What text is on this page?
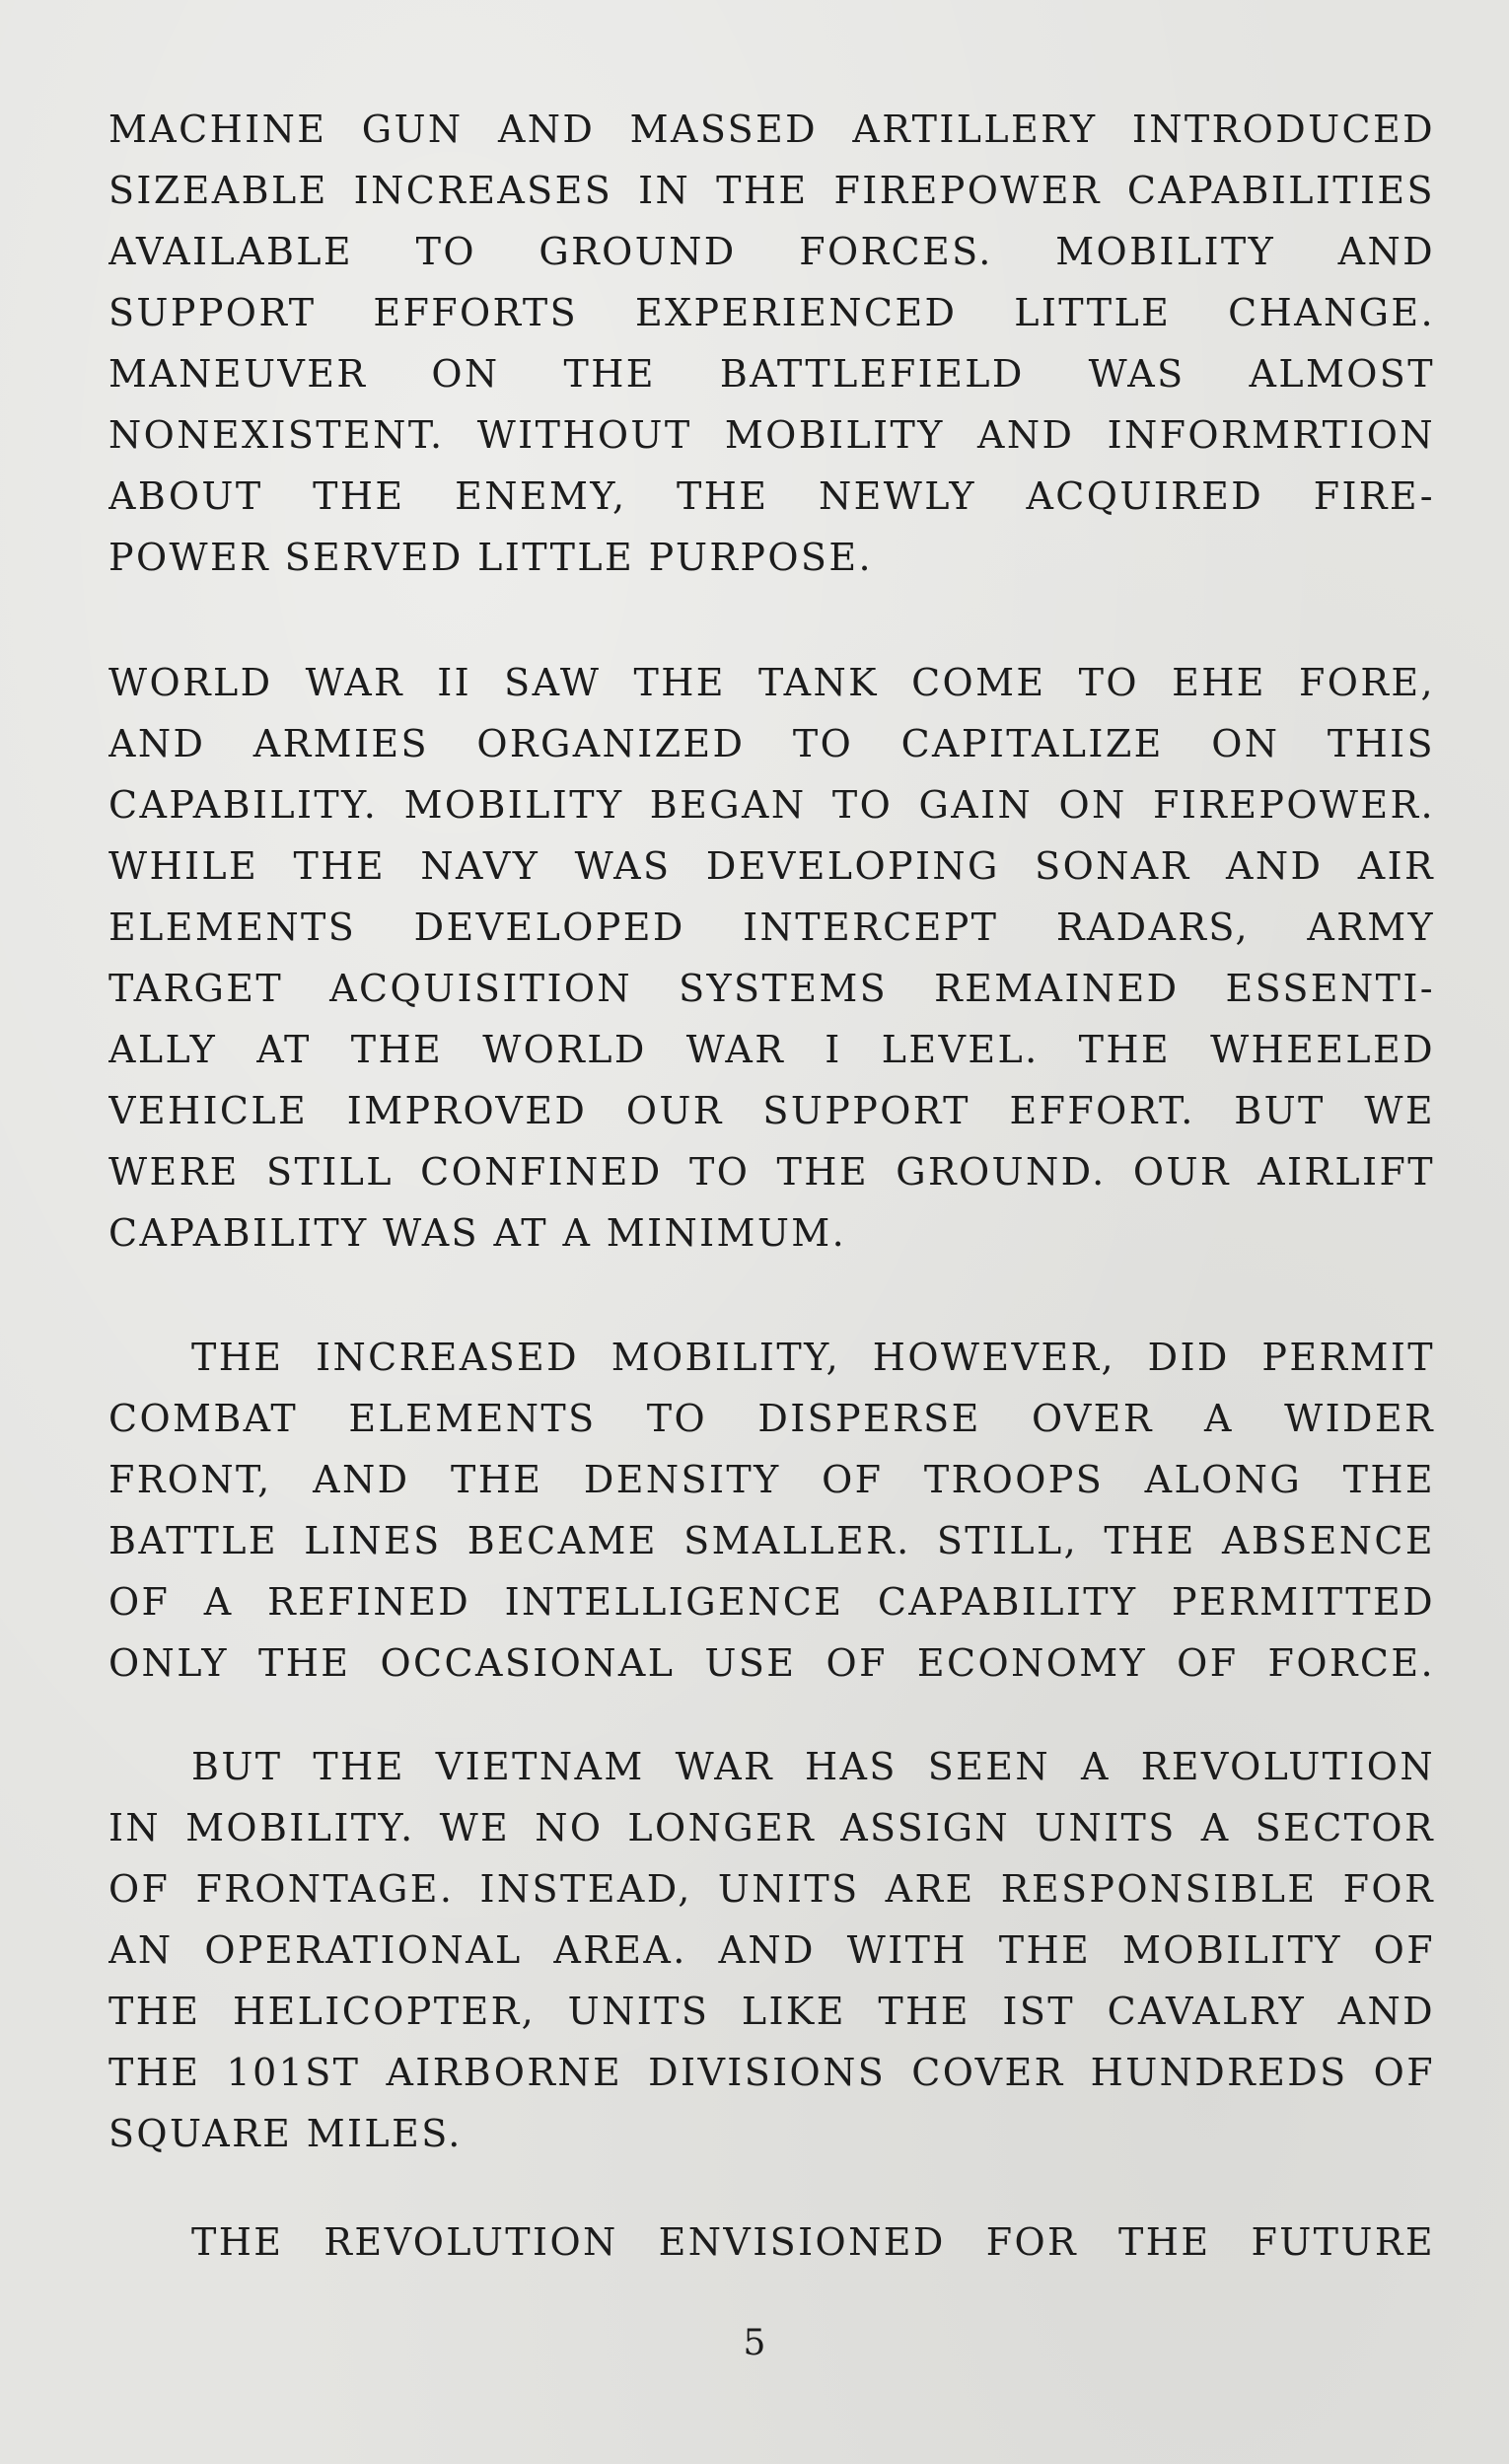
MACHINE GUN AND MASSED ARTILLERY INTRODUCED
SIZEABLE INCREASES IN THE FIREPOWER CAPABILITIES
AVAILABLE TO GROUND FORCES. MOBILITY AND
SUPPORT EFFORTS EXPERIENCED LITTLE CHANGE.
MANEUVER ON THE BATTLEFIELD WAS ALMOST
NONEXISTENT. WITHOUT MOBILITY AND INFORMRTION
ABOUT THE ENEMY, THE NEWLY ACQUIRED FIRE-
POWER SERVED LITTLE PURPOSE.

WORLD WAR II SAW THE TANK COME TO EHE FORE,
AND ARMIES ORGANIZED TO CAPITALIZE ON THIS
CAPABILITY. MOBILITY BEGAN TO GAIN ON FIREPOWER.
WHILE THE NAVY WAS DEVELOPING SONAR AND AIR
ELEMENTS DEVELOPED INTERCEPT RADARS, ARMY
TARGET ACQUISITION SYSTEMS REMAINED ESSENTI-
ALLY AT THE WORLD WAR I LEVEL. THE WHEELED
VEHICLE IMPROVED OUR SUPPORT EFFORT. BUT WE
WERE STILL CONFINED TO THE GROUND. OUR AIRLIFT
CAPABILITY WAS AT A MINIMUM.

THE INCREASED MOBILITY, HOWEVER, DID PERMIT
COMBAT ELEMENTS TO DISPERSE OVER A WIDER
FRONT, AND THE DENSITY OF TROOPS ALONG THE
BATTLE LINES BECAME SMALLER. STILL, THE ABSENCE
OF A REFINED INTELLIGENCE CAPABILITY PERMITTED
ONLY THE OCCASIONAL USE OF ECONOMY OF FORCE.

BUT THE VIETNAM WAR HAS SEEN A REVOLUTION
IN MOBILITY. WE NO LONGER ASSIGN UNITS A SECTOR
OF FRONTAGE. INSTEAD, UNITS ARE RESPONSIBLE FOR
AN OPERATIONAL AREA. AND WITH THE MOBILITY OF
THE HELICOPTER, UNITS LIKE THE IST CAVALRY AND
THE 101ST AIRBORNE DIVISIONS COVER HUNDREDS OF
SQUARE MILES.

THE REVOLUTION ENVISIONED FOR THE FUTURE

5
